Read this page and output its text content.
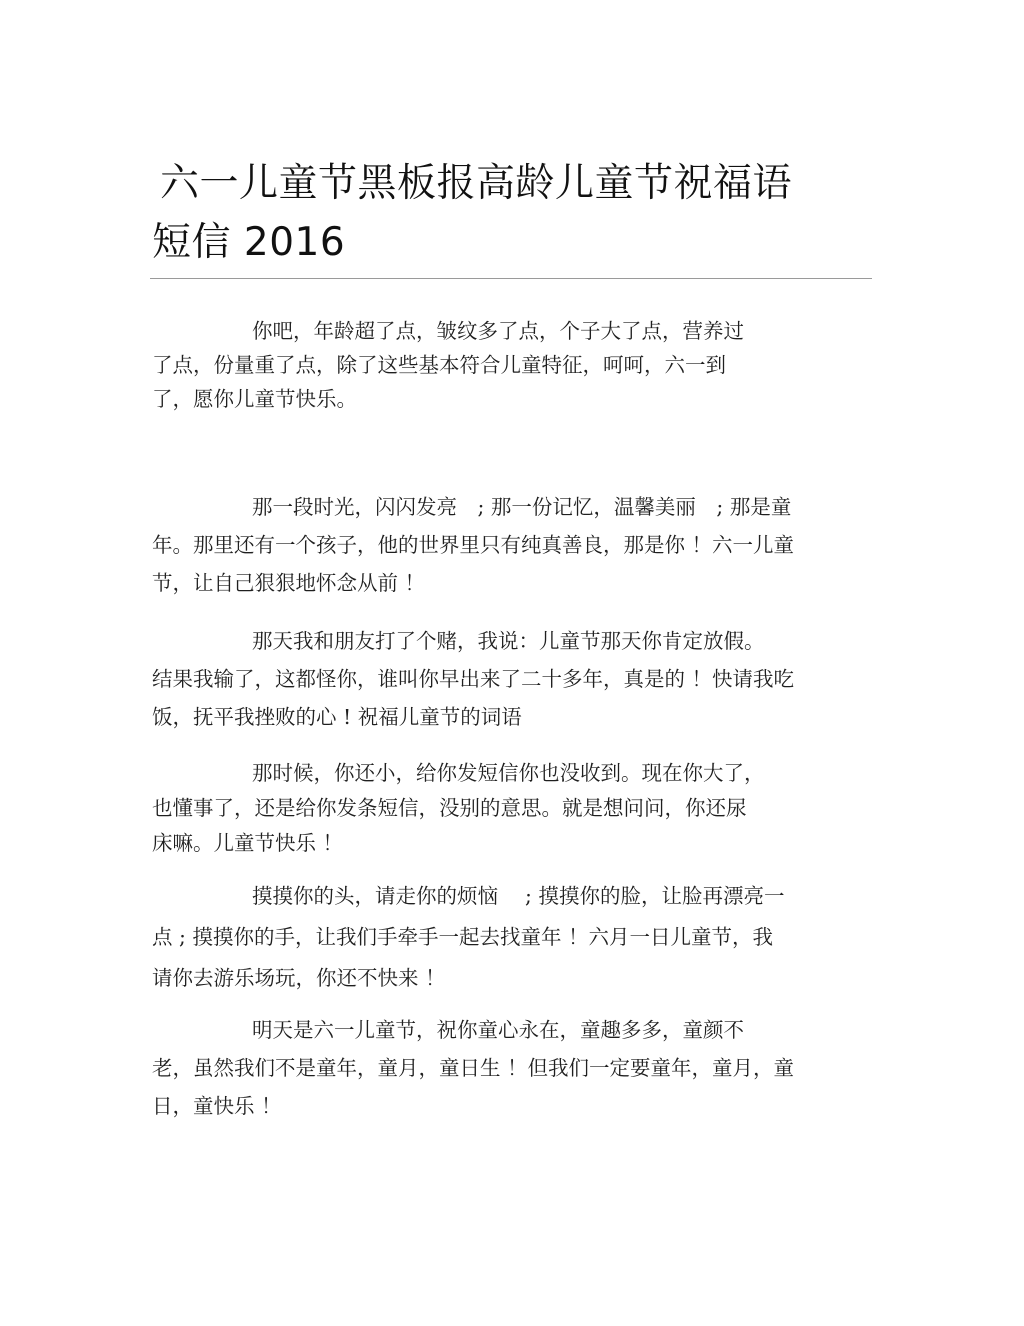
六一儿童节黑板报高龄儿童节祝福语
短信 2016
你吧，年龄超了点，皱纹多了点，个子大了点，营养过
了点，份量重了点，除了这些基本符合儿童特征，呵呵，六一到
了，愿你儿童节快乐。
那一段时光，闪闪发亮　; 那一份记忆，温馨美丽　; 那是童
年。那里还有一个孩子，他的世界里只有纯真善良，那是你 ！六一儿童
节，让自己狠狠地怀念从前 ！
那天我和朋友打了个赌，我说：儿童节那天你肯定放假。
结果我输了，这都怪你，谁叫你早出来了二十多年，真是的 ！快请我吃
饭，抚平我挫败的心 ! 祝福儿童节的词语
那时候，你还小，给你发短信你也没收到。现在你大了，
也懂事了，还是给你发条短信，没别的意思。就是想问问，你还尿
床嘛。儿童节快乐 ！
摸摸你的头，请走你的烦恼　 ; 摸摸你的脸，让脸再漂亮一
点 ; 摸摸你的手，让我们手牵手一起去找童年 ！六月一日儿童节，我
请你去游乐场玩，你还不快来 ！
明天是六一儿童节，祝你童心永在，童趣多多，童颜不
老，虽然我们不是童年，童月，童日生 ！但我们一定要童年，童月，童
日，童快乐 ！
